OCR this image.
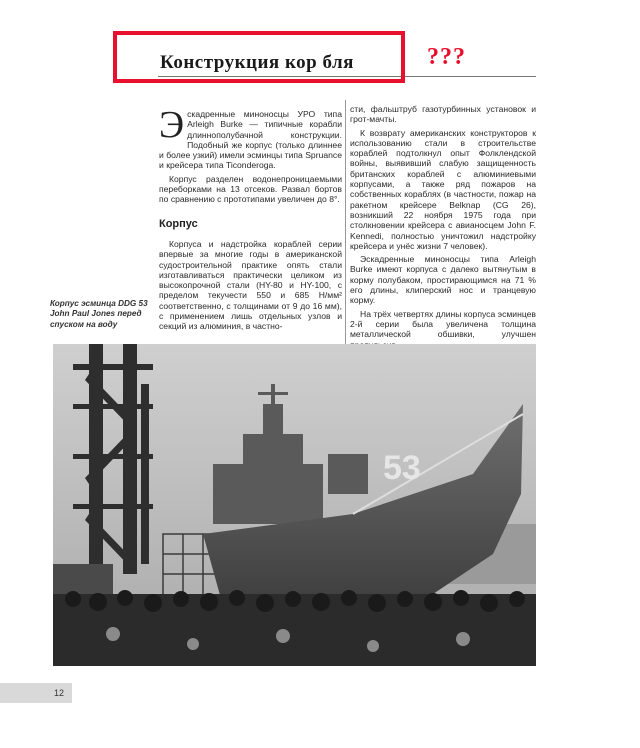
Конструкция кор бля	???

Эскадренные миноносцы УРО типа Arleigh Burke — типичные корабли длиннополубачной конструкции. Подобный же корпус (только длиннее и более узкий) имели эсминцы типа Spruance и крейсера типа Ticonderoga.

Корпус разделен водонепроницаемыми переборками на 13 отсеков. Развал бортов по сравнению с прототипами увеличен до 8°.

Корпус

Корпуса и надстройка кораблей серии впервые за многие годы в американской судостроительной практике опять стали изготавливаться практически целиком из высокопрочной стали (HY-80 и HY-100, с пределом текучести 550 и 685 Н/мм² соответственно, с толщинами от 9 до 16 мм), с применением лишь отдельных узлов и секций из алюминия, в частно-

сти, фальштруб газотурбинных установок и грот-мачты.

К возврату американских конструкторов к использованию стали в строительстве кораблей подтолкнул опыт Фолклендской войны, выявивший слабую защищенность британских кораблей с алюминиевыми корпусами, а также ряд пожаров на собственных кораблях (в частности, пожар на ракетном крейсере Belknap (CG 26), возникший 22 ноября 1975 года при столкновении крейсера с авианосцем John F. Kennedi, полностью уничтожил надстройку крейсера и унёс жизни 7 человек).

Эскадренные миноносцы типа Arleigh Burke имеют корпуса с далеко вытянутым в корму полубаком, простирающимся на 71 % его длины, клиперский нос и транцевую корму.

На трёх четвертях длины корпуса эсминцев 2-й серии была увеличена толщина металлической обшивки, улучшен

Корпус эсминца DDG 53 John Paul Jones перед спуском на воду
53
12
